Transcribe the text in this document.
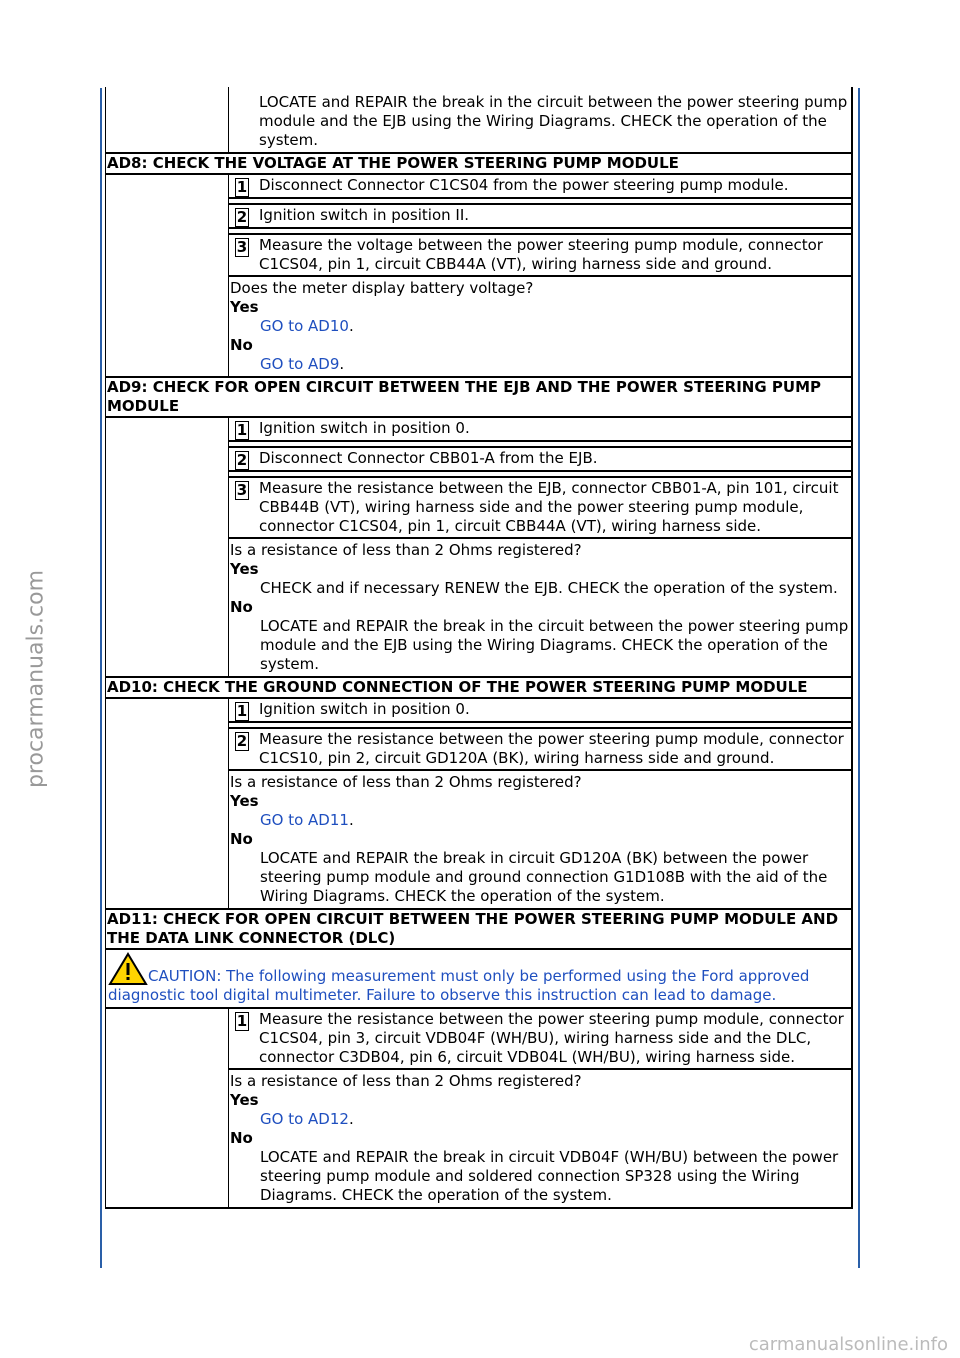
procarmanuals.com
carmanualsonline.info
LOCATE and REPAIR the break in the circuit between the power steering pump module and the EJB using the Wiring Diagrams. CHECK the operation of the system.
AD8: CHECK THE VOLTAGE AT THE POWER STEERING PUMP MODULE
1 Disconnect Connector C1CS04 from the power steering pump module.
2 Ignition switch in position II.
3 Measure the voltage between the power steering pump module, connector C1CS04, pin 1, circuit CBB44A (VT), wiring harness side and ground.
Does the meter display battery voltage?
Yes
GO to AD10.
No
GO to AD9.
AD9: CHECK FOR OPEN CIRCUIT BETWEEN THE EJB AND THE POWER STEERING PUMP MODULE
1 Ignition switch in position 0.
2 Disconnect Connector CBB01-A from the EJB.
3 Measure the resistance between the EJB, connector CBB01-A, pin 101, circuit CBB44B (VT), wiring harness side and the power steering pump module, connector C1CS04, pin 1, circuit CBB44A (VT), wiring harness side.
Is a resistance of less than 2 Ohms registered?
Yes
CHECK and if necessary RENEW the EJB. CHECK the operation of the system.
No
LOCATE and REPAIR the break in the circuit between the power steering pump module and the EJB using the Wiring Diagrams. CHECK the operation of the system.
AD10: CHECK THE GROUND CONNECTION OF THE POWER STEERING PUMP MODULE
1 Ignition switch in position 0.
2 Measure the resistance between the power steering pump module, connector C1CS10, pin 2, circuit GD120A (BK), wiring harness side and ground.
Is a resistance of less than 2 Ohms registered?
Yes
GO to AD11.
No
LOCATE and REPAIR the break in circuit GD120A (BK) between the power steering pump module and ground connection G1D108B with the aid of the Wiring Diagrams. CHECK the operation of the system.
AD11: CHECK FOR OPEN CIRCUIT BETWEEN THE POWER STEERING PUMP MODULE AND THE DATA LINK CONNECTOR (DLC)
CAUTION: The following measurement must only be performed using the Ford approved diagnostic tool digital multimeter. Failure to observe this instruction can lead to damage.
1 Measure the resistance between the power steering pump module, connector C1CS04, pin 3, circuit VDB04F (WH/BU), wiring harness side and the DLC, connector C3DB04, pin 6, circuit VDB04L (WH/BU), wiring harness side.
Is a resistance of less than 2 Ohms registered?
Yes
GO to AD12.
No
LOCATE and REPAIR the break in circuit VDB04F (WH/BU) between the power steering pump module and soldered connection SP328 using the Wiring Diagrams. CHECK the operation of the system.
